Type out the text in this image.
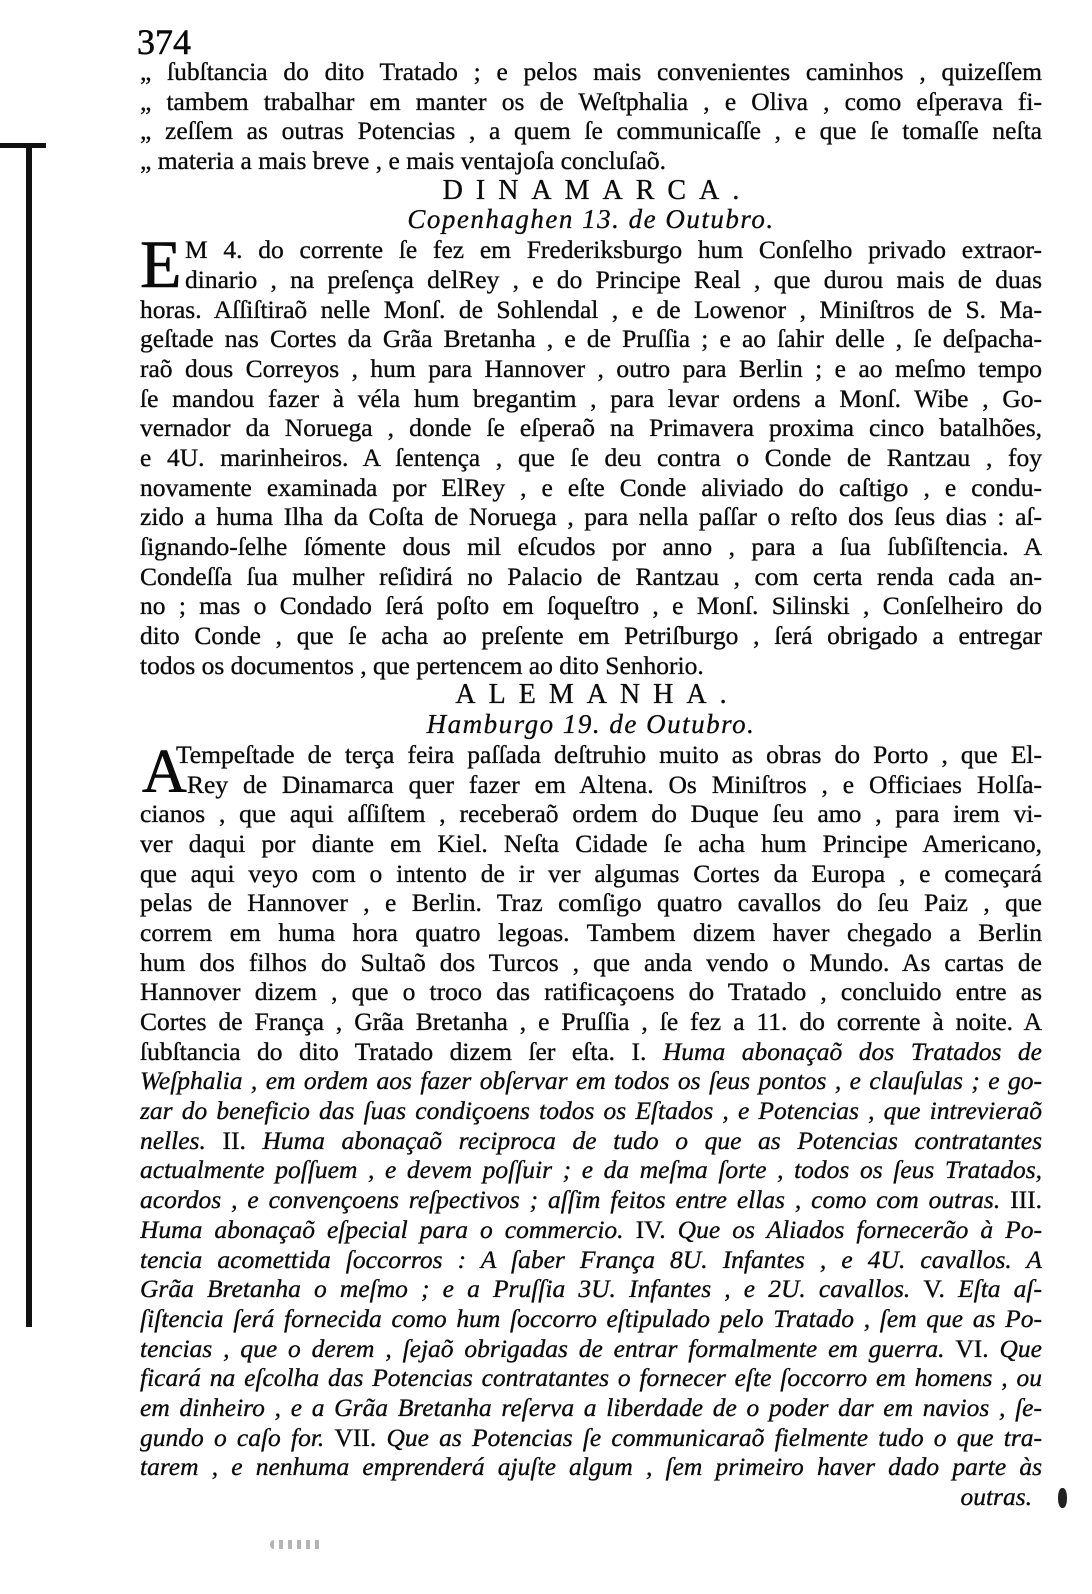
374
„ ſubſtancia do dito Tratado ; e pelos mais convenientes caminhos , quizeſſem
„ tambem trabalhar em manter os de Weſtphalia , e Oliva , como eſperava fi-
„ zeſſem as outras Potencias , a quem ſe communicaſſe , e que ſe tomaſſe neſta
„ materia a mais breve , e mais ventajoſa concluſaõ.
DINAMARCA.
Copenhaghen 13. de Outubro.
E M 4. do corrente ſe fez em Frederiksburgo hum Conſelho privado extraor-
dinario , na preſença delRey , e do Principe Real , que durou mais de duas
horas. Aſſiſtiraõ nelle Monſ. de Sohlendal , e de Lowenor , Miniſtros de S. Ma-
geſtade nas Cortes da Grãa Bretanha , e de Pruſſia ; e ao ſahir delle , ſe deſpacha-
raõ dous Correyos , hum para Hannover , outro para Berlin ; e ao meſmo tempo
ſe mandou fazer à véla hum bregantim , para levar ordens a Monſ. Wibe , Go-
vernador da Noruega , donde ſe eſperaõ na Primavera proxima cinco batalhões,
e 4U. marinheiros. A ſentença , que ſe deu contra o Conde de Rantzau , foy
novamente examinada por ElRey , e eſte Conde aliviado do caſtigo , e condu-
zido a huma Ilha da Coſta de Noruega , para nella paſſar o reſto dos ſeus dias : aſ-
ſignando-ſelhe ſómente dous mil eſcudos por anno , para a ſua ſubſiſtencia. A
Condeſſa ſua mulher reſidirá no Palacio de Rantzau , com certa renda cada an-
no ; mas o Condado ſerá poſto em ſoqueſtro , e Monſ. Silinski , Conſelheiro do
dito Conde , que ſe acha ao preſente em Petriſburgo , ſerá obrigado a entregar
todos os documentos , que pertencem ao dito Senhorio.
ALEMANHA.
Hamburgo 19. de Outubro.
A
Tempeſtade de terça feira paſſada deſtruhio muito as obras do Porto , que El-
Rey de Dinamarca quer fazer em Altena. Os Miniſtros , e Officiaes Holſa-
cianos , que aqui aſſiſtem , receberaõ ordem do Duque ſeu amo , para irem vi-
ver daqui por diante em Kiel. Neſta Cidade ſe acha hum Principe Americano,
que aqui veyo com o intento de ir ver algumas Cortes da Europa , e começará
pelas de Hannover , e Berlin. Traz comſigo quatro cavallos do ſeu Paiz , que
correm em huma hora quatro legoas. Tambem dizem haver chegado a Berlin
hum dos filhos do Sultaõ dos Turcos , que anda vendo o Mundo. As cartas de
Hannover dizem , que o troco das ratificaçoens do Tratado , concluido entre as
Cortes de França , Grãa Bretanha , e Pruſſia , ſe fez a 11. do corrente à noite. A
ſubſtancia do dito Tratado dizem ſer eſta. I. Huma abonaçaõ dos Tratados de
Weſphalia , em ordem aos fazer obſervar em todos os ſeus pontos , e clauſulas ; e go-
zar do beneficio das ſuas condiçoens todos os Eſtados , e Potencias , que intrevieraõ
nelles. II. Huma abonaçaõ reciproca de tudo o que as Potencias contratantes
actualmente poſſuem , e devem poſſuir ; e da meſma ſorte , todos os ſeus Tratados,
acordos , e convençoens reſpectivos ; aſſim feitos entre ellas , como com outras. III.
Huma abonaçaõ eſpecial para o commercio. IV. Que os Aliados fornecerão à Po-
tencia acomettida ſoccorros : A ſaber França 8U. Infantes , e 4U. cavallos. A
Grãa Bretanha o meſmo ; e a Pruſſia 3U. Infantes , e 2U. cavallos. V. Eſta aſ-
ſiſtencia ſerá fornecida como hum ſoccorro eſtipulado pelo Tratado , ſem que as Po-
tencias , que o derem , ſejaõ obrigadas de entrar formalmente em guerra. VI. Que
ficará na eſcolha das Potencias contratantes o fornecer eſte ſoccorro em homens , ou
em dinheiro , e a Grãa Bretanha reſerva a liberdade de o poder dar em navios , ſe-
gundo o caſo for. VII. Que as Potencias ſe communicaraõ fielmente tudo o que tra-
tarem , e nenhuma emprenderá ajuſte algum , ſem primeiro haver dado parte às
outras.
